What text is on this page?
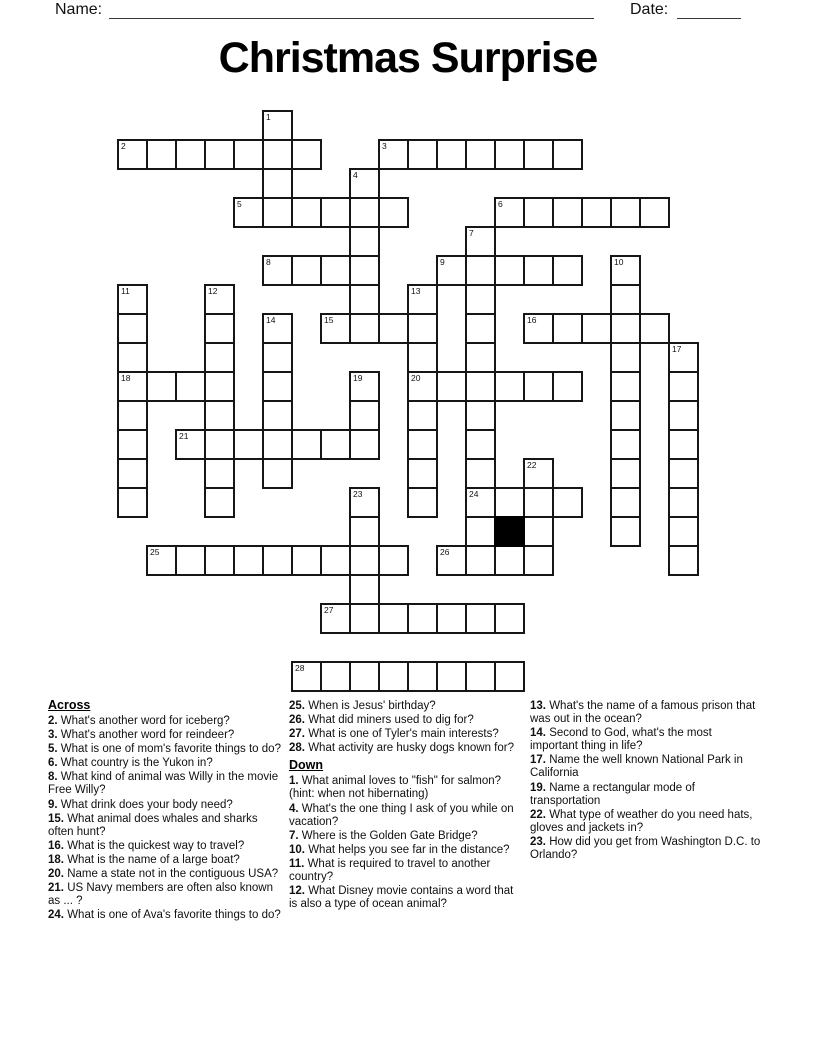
Name:	Date:
Christmas Surprise
1
2	3
4
5	6
7
24
8	9	10
11
18
12	13
20
14	15	16
17
19
21
22
23
25	26
27
28
Across
2. What's another word for iceberg?
3. What's another word for reindeer?
5. What is one of mom's favorite things to do?
6. What country is the Yukon in?
8. What kind of animal was Willy in the movie Free Willy?
9. What drink does your body need?
15. What animal does whales and sharks often hunt?
16. What is the quickest way to travel?
18. What is the name of a large boat?
20. Name a state not in the contiguous USA?
21. US Navy members are often also known as ... ?
24. What is one of Ava's favorite things to do?
25. When is Jesus' birthday?
26. What did miners used to dig for?
27. What is one of Tyler's main interests?
28. What activity are husky dogs known for?
Down
1. What animal loves to "fish" for salmon? (hint: when not hibernating)
4. What's the one thing I ask of you while on vacation?
7. Where is the Golden Gate Bridge?
10. What helps you see far in the distance?
11. What is required to travel to another country?
12. What Disney movie contains a word that is also a type of ocean animal?
13. What's the name of a famous prison that was out in the ocean?
14. Second to God, what's the most important thing in life?
17. Name the well known National Park in California
19. Name a rectangular mode of transportation
22. What type of weather do you need hats, gloves and jackets in?
23. How did you get from Washington D.C. to Orlando?
